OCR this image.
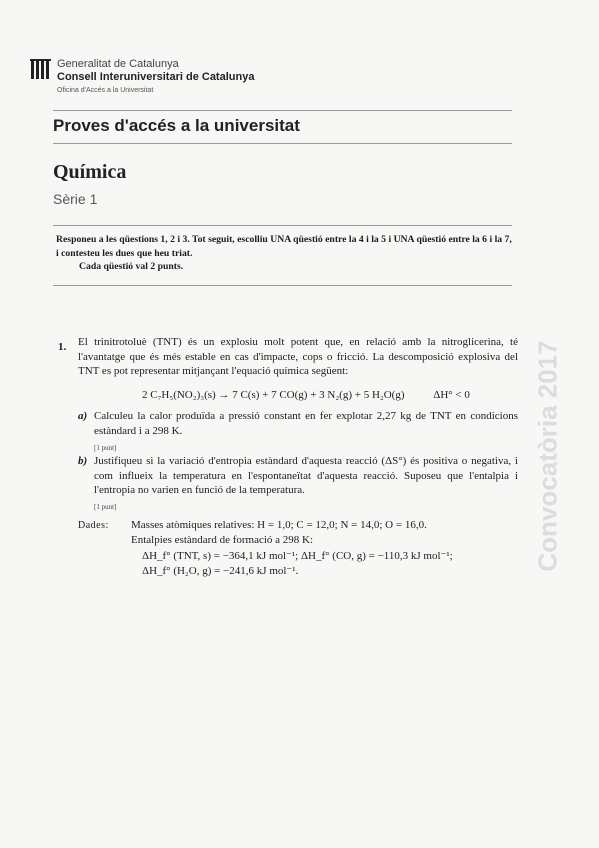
Generalitat de Catalunya
Consell Interuniversitari de Catalunya
Oficina d'Accés a la Universitat
Proves d'accés a la universitat
Química
Sèrie 1
Responeu a les qüestions 1, 2 i 3. Tot seguit, escolliu UNA qüestió entre la 4 i la 5 i UNA qüestió entre la 6 i la 7, i contesteu les dues que heu triat.
Cada qüestió val 2 punts.
1. El trinitrotoluè (TNT) és un explosiu molt potent que, en relació amb la nitroglicerina, té l'avantatge que és més estable en cas d'impacte, cops o fricció. La descomposició explosiva del TNT es pot representar mitjançant l'equació química següent:
2 C₇H₅(NO₂)₃(s) → 7 C(s) + 7 CO(g) + 3 N₂(g) + 5 H₂O(g)	ΔH° < 0
a) Calculeu la calor produïda a pressió constant en fer explotar 2,27 kg de TNT en condicions estàndard i a 298 K.
[1 punt]
b) Justifiqueu si la variació d'entropia estàndard d'aquesta reacció (ΔS°) és positiva o negativa, i com influeix la temperatura en l'espontaneïtat d'aquesta reacció. Suposeu que l'entalpia i l'entropia no varien en funció de la temperatura.
[1 punt]
Dades: Masses atòmiques relatives: H = 1,0; C = 12,0; N = 14,0; O = 16,0.
Entalpies estàndard de formació a 298 K:
ΔH_f° (TNT, s) = −364,1 kJ mol⁻¹; ΔH_f° (CO, g) = −110,3 kJ mol⁻¹;
ΔH_f° (H₂O, g) = −241,6 kJ mol⁻¹.	Convocatòria 2017
